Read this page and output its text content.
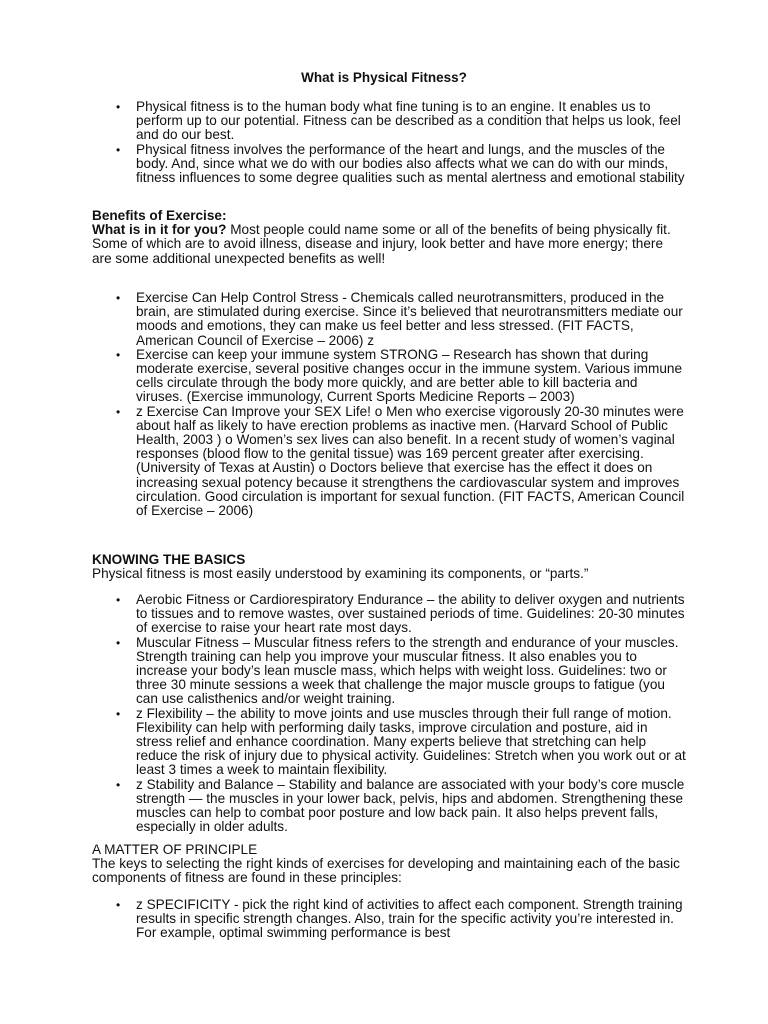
What is Physical Fitness?
• Physical fitness is to the human body what fine tuning is to an engine. It enables us to perform up to our potential. Fitness can be described as a condition that helps us look, feel and do our best.
• Physical fitness involves the performance of the heart and lungs, and the muscles of the body. And, since what we do with our bodies also affects what we can do with our minds, fitness influences to some degree qualities such as mental alertness and emotional stability
Benefits of Exercise:
What is in it for you? Most people could name some or all of the benefits of being physically fit. Some of which are to avoid illness, disease and injury, look better and have more energy; there are some additional unexpected benefits as well!
• Exercise Can Help Control Stress - Chemicals called neurotransmitters, produced in the brain, are stimulated during exercise. Since it’s believed that neurotransmitters mediate our moods and emotions, they can make us feel better and less stressed. (FIT FACTS, American Council of Exercise – 2006) z
• Exercise can keep your immune system STRONG – Research has shown that during moderate exercise, several positive changes occur in the immune system. Various immune cells circulate through the body more quickly, and are better able to kill bacteria and viruses. (Exercise immunology, Current Sports Medicine Reports – 2003)
• z Exercise Can Improve your SEX Life! o Men who exercise vigorously 20-30 minutes were about half as likely to have erection problems as inactive men. (Harvard School of Public Health, 2003 ) o Women’s sex lives can also benefit. In a recent study of women’s vaginal responses (blood flow to the genital tissue) was 169 percent greater after exercising. (University of Texas at Austin) o Doctors believe that exercise has the effect it does on increasing sexual potency because it strengthens the cardiovascular system and improves circulation. Good circulation is important for sexual function. (FIT FACTS, American Council of Exercise – 2006)
KNOWING THE BASICS
Physical fitness is most easily understood by examining its components, or “parts.”
• Aerobic Fitness or Cardiorespiratory Endurance – the ability to deliver oxygen and nutrients to tissues and to remove wastes, over sustained periods of time. Guidelines: 20-30 minutes of exercise to raise your heart rate most days.
• Muscular Fitness – Muscular fitness refers to the strength and endurance of your muscles. Strength training can help you improve your muscular fitness. It also enables you to increase your body’s lean muscle mass, which helps with weight loss. Guidelines: two or three 30 minute sessions a week that challenge the major muscle groups to fatigue (you can use calisthenics and/or weight training.
• z Flexibility – the ability to move joints and use muscles through their full range of motion. Flexibility can help with performing daily tasks, improve circulation and posture, aid in stress relief and enhance coordination. Many experts believe that stretching can help reduce the risk of injury due to physical activity. Guidelines: Stretch when you work out or at least 3 times a week to maintain flexibility.
• z Stability and Balance – Stability and balance are associated with your body’s core muscle strength — the muscles in your lower back, pelvis, hips and abdomen. Strengthening these muscles can help to combat poor posture and low back pain. It also helps prevent falls, especially in older adults.
A MATTER OF PRINCIPLE
The keys to selecting the right kinds of exercises for developing and maintaining each of the basic components of fitness are found in these principles:
• z SPECIFICITY - pick the right kind of activities to affect each component. Strength training results in specific strength changes. Also, train for the specific activity you’re interested in. For example, optimal swimming performance is best
